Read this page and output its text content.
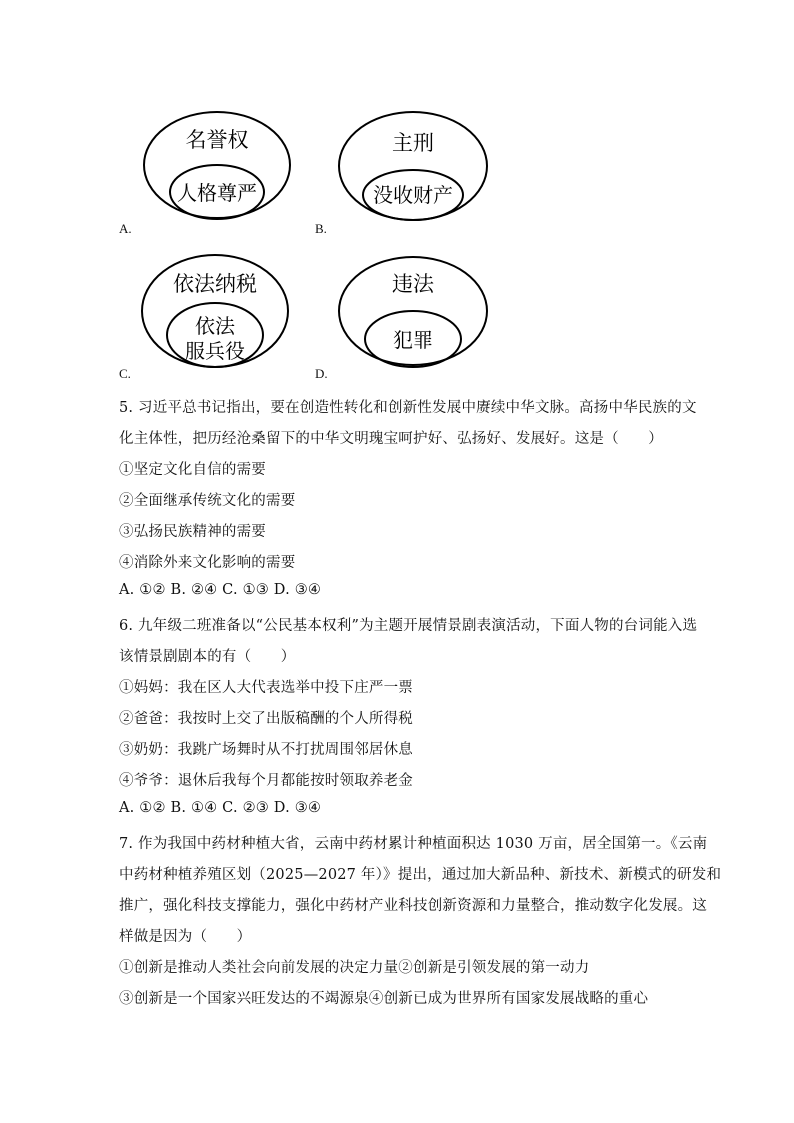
名誉权
人格尊严
A.
主刑
没收财产
B.
依法纳税
依法
服兵役
C.
违法
犯罪
D.
5. 习近平总书记指出，要在创造性转化和创新性发展中赓续中华文脉。高扬中华民族的文
化主体性，把历经沧桑留下的中华文明瑰宝呵护好、弘扬好、发展好。这是（　　）
①坚定文化自信的需要
②全面继承传统文化的需要
③弘扬民族精神的需要
④消除外来文化影响的需要
A. ①② B. ②④ C. ①③ D. ③④
6. 九年级二班准备以“公民基本权利”为主题开展情景剧表演活动，下面人物的台词能入选
该情景剧剧本的有（　　）
①妈妈：我在区人大代表选举中投下庄严一票
②爸爸：我按时上交了出版稿酬的个人所得税
③奶奶：我跳广场舞时从不打扰周围邻居休息
④爷爷：退休后我每个月都能按时领取养老金
A. ①② B. ①④ C. ②③ D. ③④
7. 作为我国中药材种植大省，云南中药材累计种植面积达 1030 万亩，居全国第一。《云南
中药材种植养殖区划（2025—2027 年）》提出，通过加大新品种、新技术、新模式的研发和
推广，强化科技支撑能力，强化中药材产业科技创新资源和力量整合，推动数字化发展。这
样做是因为（　　）
①创新是推动人类社会向前发展的决定力量②创新是引领发展的第一动力
③创新是一个国家兴旺发达的不竭源泉④创新已成为世界所有国家发展战略的重心
